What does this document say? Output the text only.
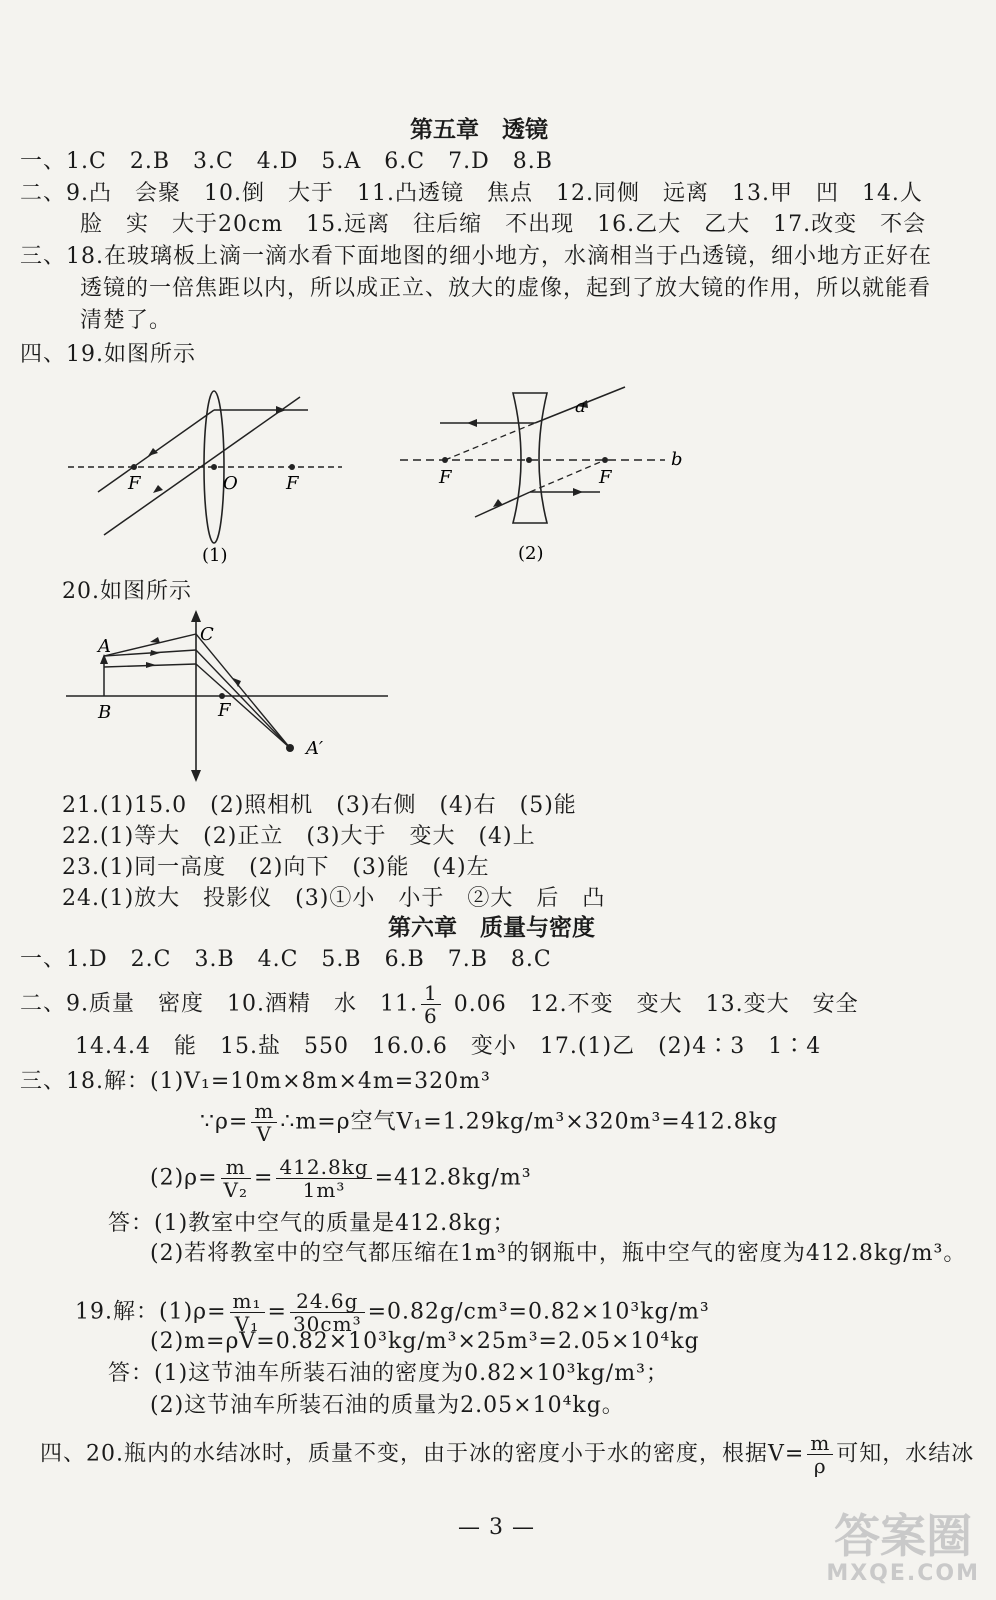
第五章　透镜
一、1.C　2.B　3.C　4.D　5.A　6.C　7.D　8.B
二、9.凸　会聚　10.倒　大于　11.凸透镜　焦点　12.同侧　远离　13.甲　凹　14.人
脸　实　大于20cm　15.远离　往后缩　不出现　16.乙大　乙大　17.改变　不会
三、18.在玻璃板上滴一滴水看下面地图的细小地方，水滴相当于凸透镜，细小地方正好在
透镜的一倍焦距以内，所以成正立、放大的虚像，起到了放大镜的作用，所以就能看
清楚了。
四、19.如图所示
F	O	F
(1)
F	F
a
b
(2)
20.如图所示
A
B
C
F
A′
21.(1)15.0　(2)照相机　(3)右侧　(4)右　(5)能
22.(1)等大　(2)正立　(3)大于　变大　(4)上
23.(1)同一高度　(2)向下　(3)能　(4)左
24.(1)放大　投影仪　(3)①小　小于　②大　后　凸
第六章　质量与密度
一、1.D　2.C　3.B　4.C　5.B　6.B　7.B　8.C
二、9.质量　密度　10.酒精　水　11. $\frac{1}{6} 0.06$　12.不变　变大　13.变大　安全
14.4.4　能　15.盐　550　16.0.6　变小　17.(1)乙　(2)4∶3　1∶4
三、18.解：(1)V₁=10m×8m×4m=320m³
∵ρ= $\frac{m}{V}$ ∴m=ρ空气V₁=1.29kg/m³×320m³=412.8kg
$(2)\rho= \frac{m}{\text{V₂}} = \frac{412.8kg}{\text{1m³}} =412.8kg/m^3$
答：(1)教室中空气的质量是412.8kg；
(2)若将教室中的空气都压缩在1m³的钢瓶中，瓶中空气的密度为412.8kg/m³。
19.解：$(1)\rho= \frac{\text{m₁}}{\text{V₁}} = \frac{24.6g}{\text{30cm³}} =0.82g/cm^3=0.82\times 10^3kg/m^3$
(2)m=ρV=0.82×10³kg/m³×25m³=2.05×10⁴kg
答：(1)这节油车所装石油的密度为0.82×10³kg/m³；
(2)这节油车所装石油的质量为2.05×10⁴kg。
四、20.瓶内的水结冰时，质量不变，由于冰的密度小于水的密度，根据$V= \frac{m}{\rho}$ 可知，水结冰
— 3 —	答案圈
MXQE.COM
